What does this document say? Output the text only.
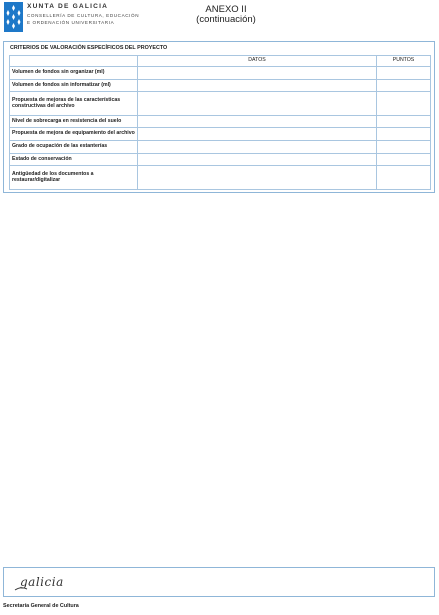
XUNTA DE GALICIA
CONSELLERÍA DE CULTURA, EDUCACIÓN
E ORDENACIÓN UNIVERSITARIA
ANEXO II
(continuación)
CRITERIOS DE VALORACIÓN ESPECÍFICOS DEL PROYECTO
	DATOS	PUNTOS
Volumen de fondos sin organizar (ml)		
Volumen de fondos sin informatizar (ml)		
Propuesta de mejoras de las características constructivas del archivo		
Nivel de sobrecarga en resistencia del suelo		
Propuesta de mejora de equipamiento del archivo		
Grado de ocupación de las estanterías		
Estado de conservación		
Antigüedad de los documentos a restaurar/digitalizar		
galicia
Secretaría General de Cultura
